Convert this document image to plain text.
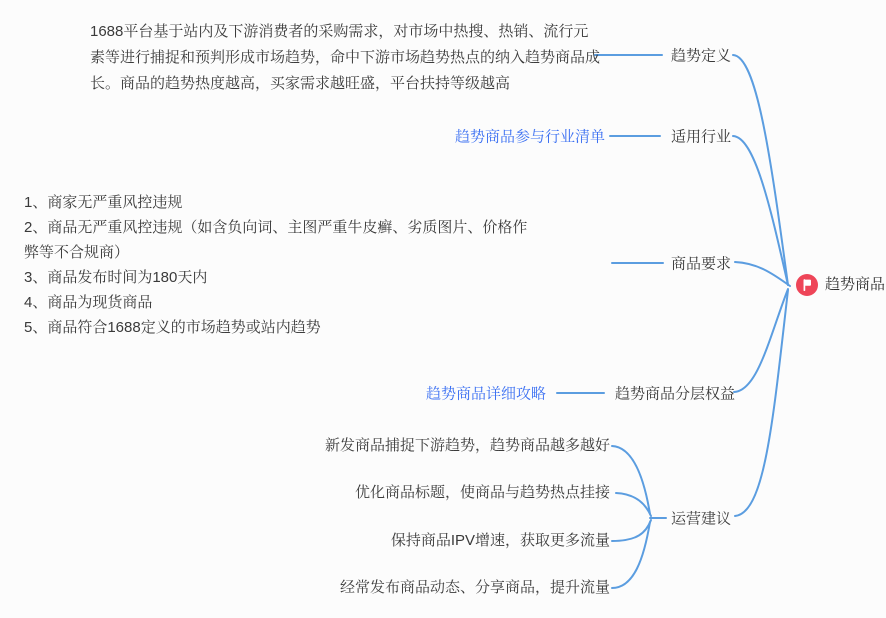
1688平台基于站内及下游消费者的采购需求，对市场中热搜、热销、流行元
素等进行捕捉和预判形成市场趋势，命中下游市场趋势热点的纳入趋势商品成
长。商品的趋势热度越高，买家需求越旺盛，平台扶持等级越高
趋势商品参与行业清单
1、商家无严重风控违规
2、商品无严重风控违规（如含负向词、主图严重牛皮癣、劣质图片、价格作
弊等不合规商）
3、商品发布时间为180天内
4、商品为现货商品
5、商品符合1688定义的市场趋势或站内趋势
趋势商品详细攻略
新发商品捕捉下游趋势，趋势商品越多越好
优化商品标题，使商品与趋势热点挂接
保持商品IPV增速，获取更多流量
经常发布商品动态、分享商品，提升流量
趋势定义
适用行业
商品要求
趋势商品分层权益
运营建议
趋势商品
